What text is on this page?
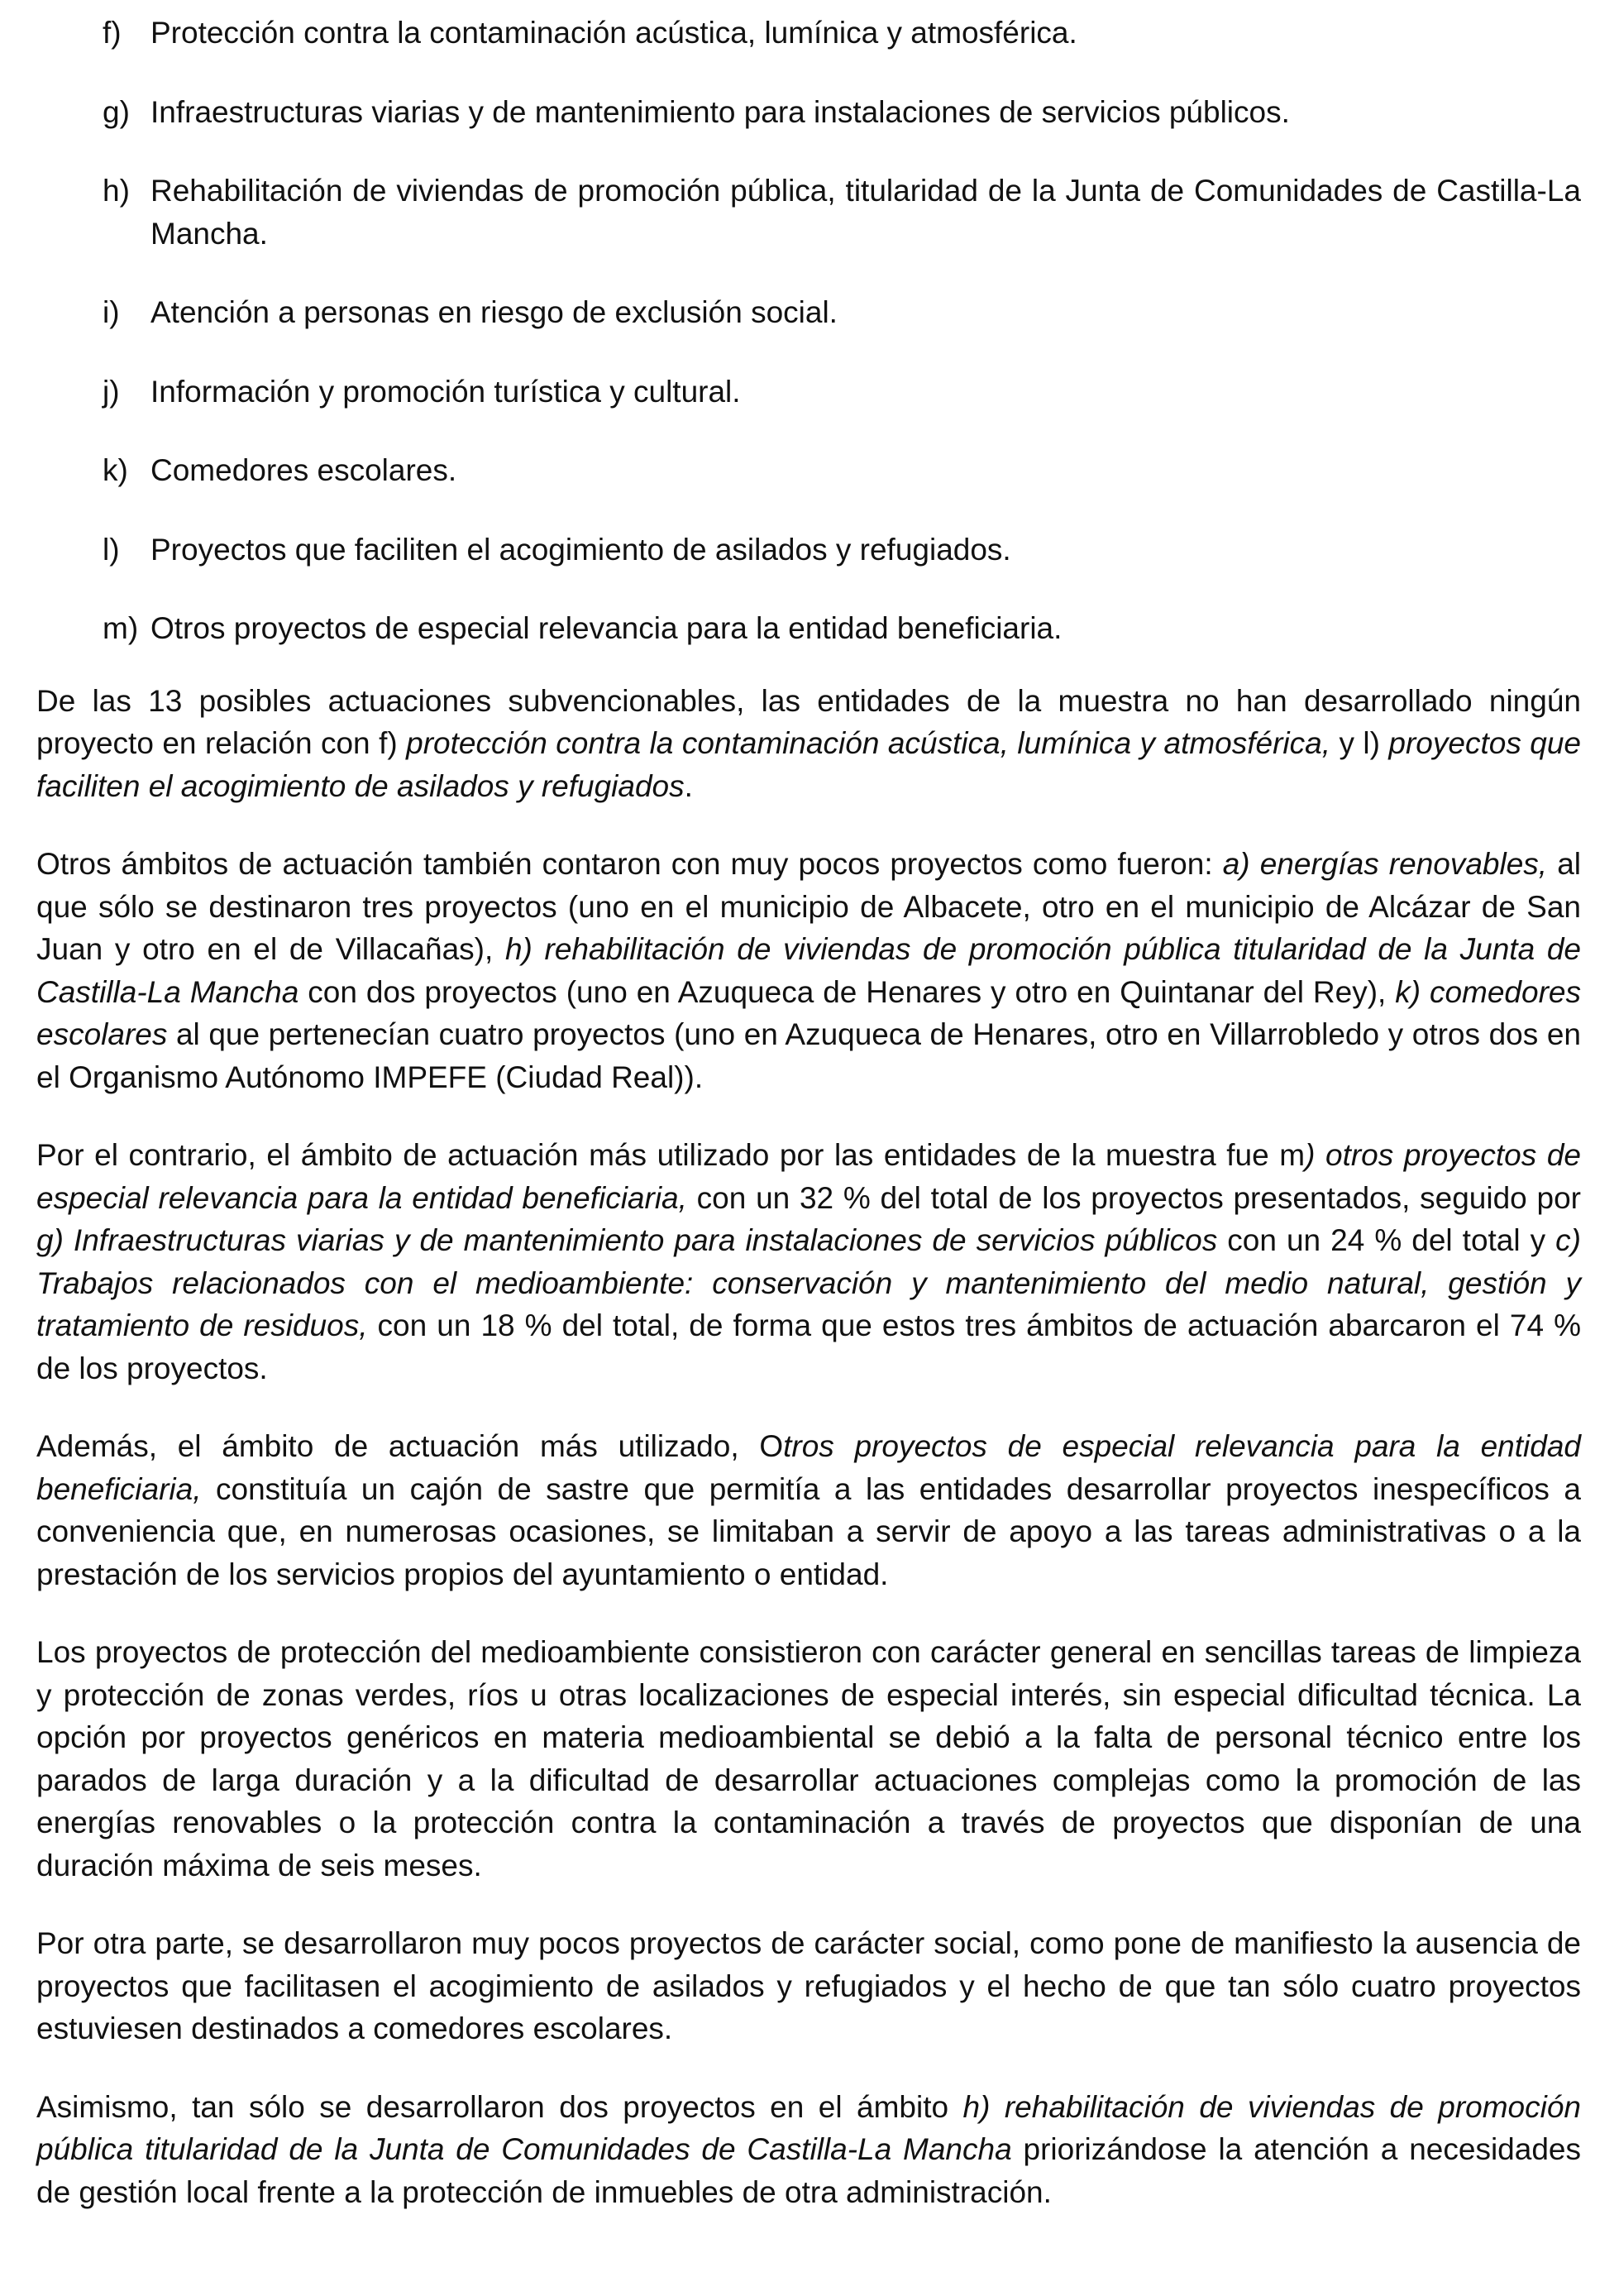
f) Protección contra la contaminación acústica, lumínica y atmosférica.
g) Infraestructuras viarias y de mantenimiento para instalaciones de servicios públicos.
h) Rehabilitación de viviendas de promoción pública, titularidad de la Junta de Comunidades de Castilla-La Mancha.
i)	Atención a personas en riesgo de exclusión social.
j)	Información y promoción turística y cultural.
k) Comedores escolares.
l)	Proyectos que faciliten el acogimiento de asilados y refugiados.
m) Otros proyectos de especial relevancia para la entidad beneficiaria.

De las 13 posibles actuaciones subvencionables, las entidades de la muestra no han desarrollado ningún proyecto en relación con f) protección contra la contaminación acústica, lumínica y atmosférica, y l) proyectos que faciliten el acogimiento de asilados y refugiados.

Otros ámbitos de actuación también contaron con muy pocos proyectos como fueron: a) energías renovables, al que sólo se destinaron tres proyectos (uno en el municipio de Albacete, otro en el municipio de Alcázar de San Juan y otro en el de Villacañas), h) rehabilitación de viviendas de promoción pública titularidad de la Junta de Castilla-La Mancha con dos proyectos (uno en Azuqueca de Henares y otro en Quintanar del Rey), k) comedores escolares al que pertenecían cuatro proyectos (uno en Azuqueca de Henares, otro en Villarrobledo y otros dos en el Organismo Autónomo IMPEFE (Ciudad Real)).

Por el contrario, el ámbito de actuación más utilizado por las entidades de la muestra fue m) otros proyectos de especial relevancia para la entidad beneficiaria, con un 32 % del total de los proyectos presentados, seguido por g) Infraestructuras viarias y de mantenimiento para instalaciones de servicios públicos con un 24 % del total y c) Trabajos relacionados con el medioambiente: conservación y mantenimiento del medio natural, gestión y tratamiento de residuos, con un 18 % del total, de forma que estos tres ámbitos de actuación abarcaron el 74 % de los proyectos.

Además, el ámbito de actuación más utilizado, Otros proyectos de especial relevancia para la entidad beneficiaria, constituía un cajón de sastre que permitía a las entidades desarrollar proyectos inespecíficos a conveniencia que, en numerosas ocasiones, se limitaban a servir de apoyo a las tareas administrativas o a la prestación de los servicios propios del ayuntamiento o entidad.

Los proyectos de protección del medioambiente consistieron con carácter general en sencillas tareas de limpieza y protección de zonas verdes, ríos u otras localizaciones de especial interés, sin especial dificultad técnica. La opción por proyectos genéricos en materia medioambiental se debió a la falta de personal técnico entre los parados de larga duración y a la dificultad de desarrollar actuaciones complejas como la promoción de las energías renovables o la protección contra la contaminación a través de proyectos que disponían de una duración máxima de seis meses.

Por otra parte, se desarrollaron muy pocos proyectos de carácter social, como pone de manifiesto la ausencia de proyectos que facilitasen el acogimiento de asilados y refugiados y el hecho de que tan sólo cuatro proyectos estuviesen destinados a comedores escolares.

Asimismo, tan sólo se desarrollaron dos proyectos en el ámbito h) rehabilitación de viviendas de promoción pública titularidad de la Junta de Comunidades de Castilla-La Mancha priorizándose la atención a necesidades de gestión local frente a la protección de inmuebles de otra administración.
